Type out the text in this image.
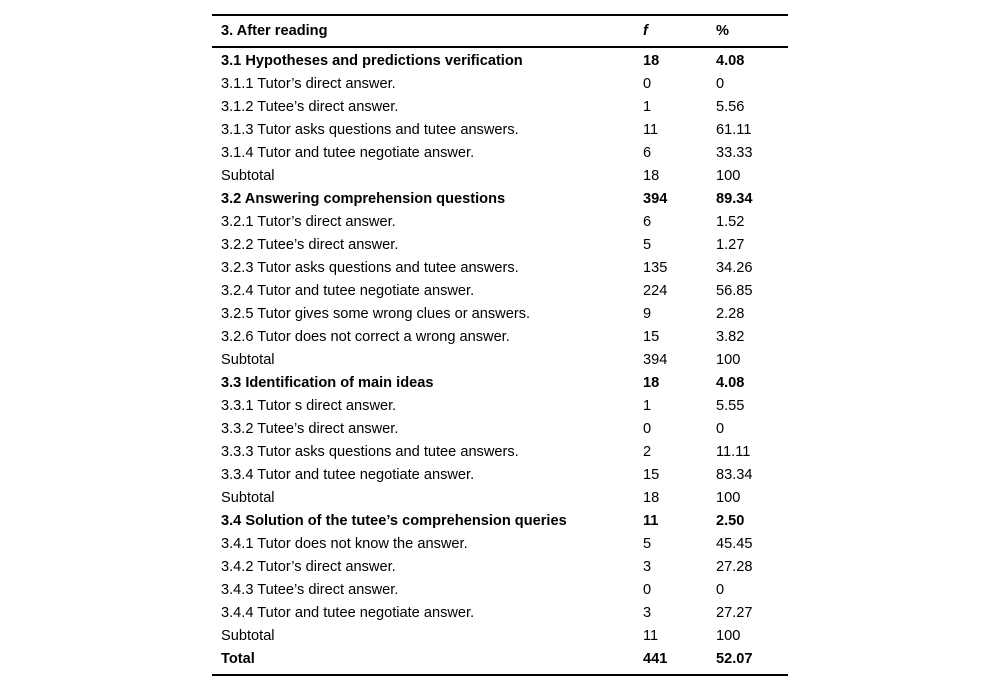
3. After reading	f	%
3.1 Hypotheses and predictions verification	18	4.08
3.1.1 Tutor’s direct answer.	0	0
3.1.2 Tutee’s direct answer.	1	5.56
3.1.3 Tutor asks questions and tutee answers.	11	61.11
3.1.4 Tutor and tutee negotiate answer.	6	33.33
Subtotal	18	100
3.2 Answering comprehension questions	394	89.34
3.2.1 Tutor’s direct answer.	6	1.52
3.2.2 Tutee’s direct answer.	5	1.27
3.2.3 Tutor asks questions and tutee answers.	135	34.26
3.2.4 Tutor and tutee negotiate answer.	224	56.85
3.2.5 Tutor gives some wrong clues or answers.	9	2.28
3.2.6 Tutor does not correct a wrong answer.	15	3.82
Subtotal	394	100
3.3 Identification of main ideas	18	4.08
3.3.1 Tutor s direct answer.	1	5.55
3.3.2 Tutee’s direct answer.	0	0
3.3.3 Tutor asks questions and tutee answers.	2	11.11
3.3.4 Tutor and tutee negotiate answer.	15	83.34
Subtotal	18	100
3.4 Solution of the tutee’s comprehension queries	11	2.50
3.4.1 Tutor does not know the answer.	5	45.45
3.4.2 Tutor’s direct answer.	3	27.28
3.4.3 Tutee’s direct answer.	0	0
3.4.4 Tutor and tutee negotiate answer.	3	27.27
Subtotal	11	100
Total	441	52.07
